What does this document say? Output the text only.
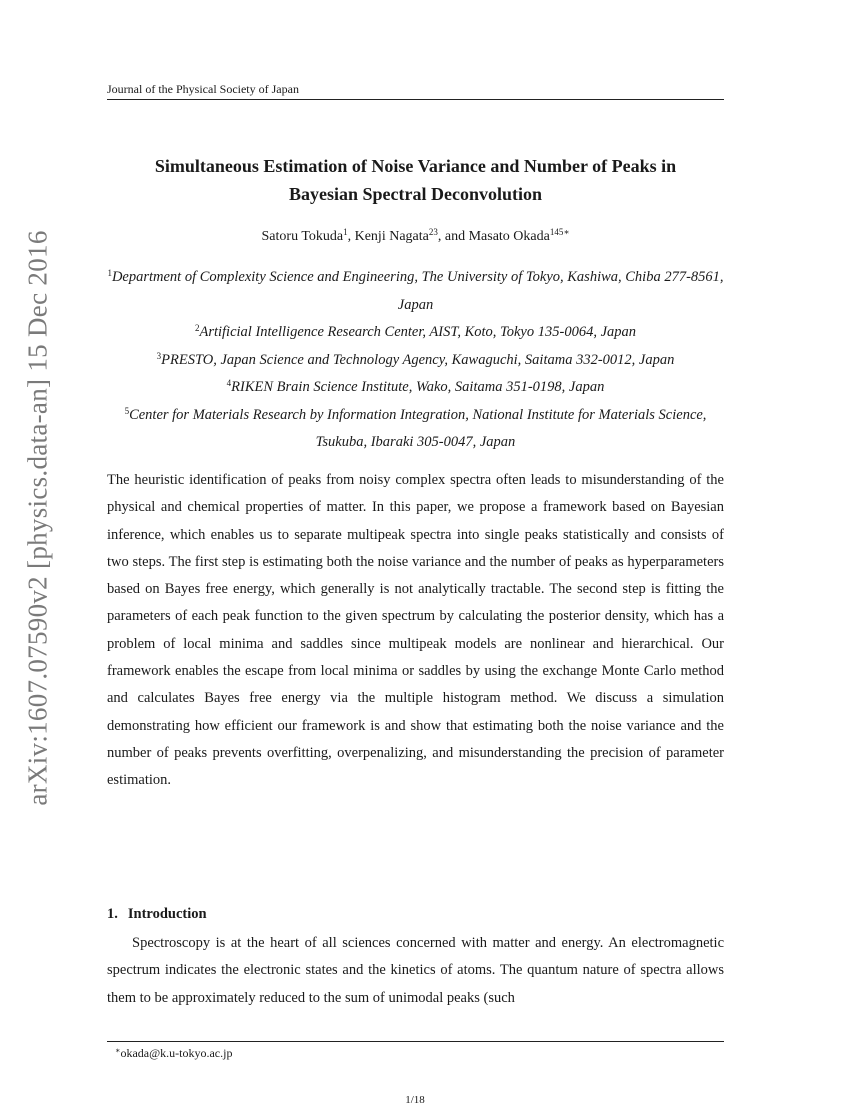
arXiv:1607.07590v2 [physics.data-an] 15 Dec 2016
Journal of the Physical Society of Japan
Simultaneous Estimation of Noise Variance and Number of Peaks in
Bayesian Spectral Deconvolution
Satoru Tokuda$^1$, Kenji Nagata$^{23}$, and Masato Okada$^{145∗}$
$^1$Department of Complexity Science and Engineering, The University of Tokyo, Kashiwa, Chiba 277-8561, Japan
$^2$Artificial Intelligence Research Center, AIST, Koto, Tokyo 135-0064, Japan
$^3$PRESTO, Japan Science and Technology Agency, Kawaguchi, Saitama 332-0012, Japan
$^4$RIKEN Brain Science Institute, Wako, Saitama 351-0198, Japan
$^5$Center for Materials Research by Information Integration, National Institute for Materials Science, Tsukuba, Ibaraki 305-0047, Japan

The heuristic identification of peaks from noisy complex spectra often leads to misunderstanding of the physical and chemical properties of matter. In this paper, we propose a framework based on Bayesian inference, which enables us to separate multipeak spectra into single peaks statistically and consists of two steps. The first step is estimating both the noise variance and the number of peaks as hyperparameters based on Bayes free energy, which generally is not analytically tractable. The second step is fitting the parameters of each peak function to the given spectrum by calculating the posterior density, which has a problem of local minima and saddles since multipeak models are nonlinear and hierarchical. Our framework enables the escape from local minima or saddles by using the exchange Monte Carlo method and calculates Bayes free energy via the multiple histogram method. We discuss a simulation demonstrating how efficient our framework is and show that estimating both the noise variance and the number of peaks prevents overfitting, overpenalizing, and misunderstanding the precision of parameter estimation.

1. Introduction

Spectroscopy is at the heart of all sciences concerned with matter and energy. An electromagnetic spectrum indicates the electronic states and the kinetics of atoms. The quantum nature of spectra allows them to be approximately reduced to the sum of unimodal peaks (such

∗okada@k.u-tokyo.ac.jp
1/18
